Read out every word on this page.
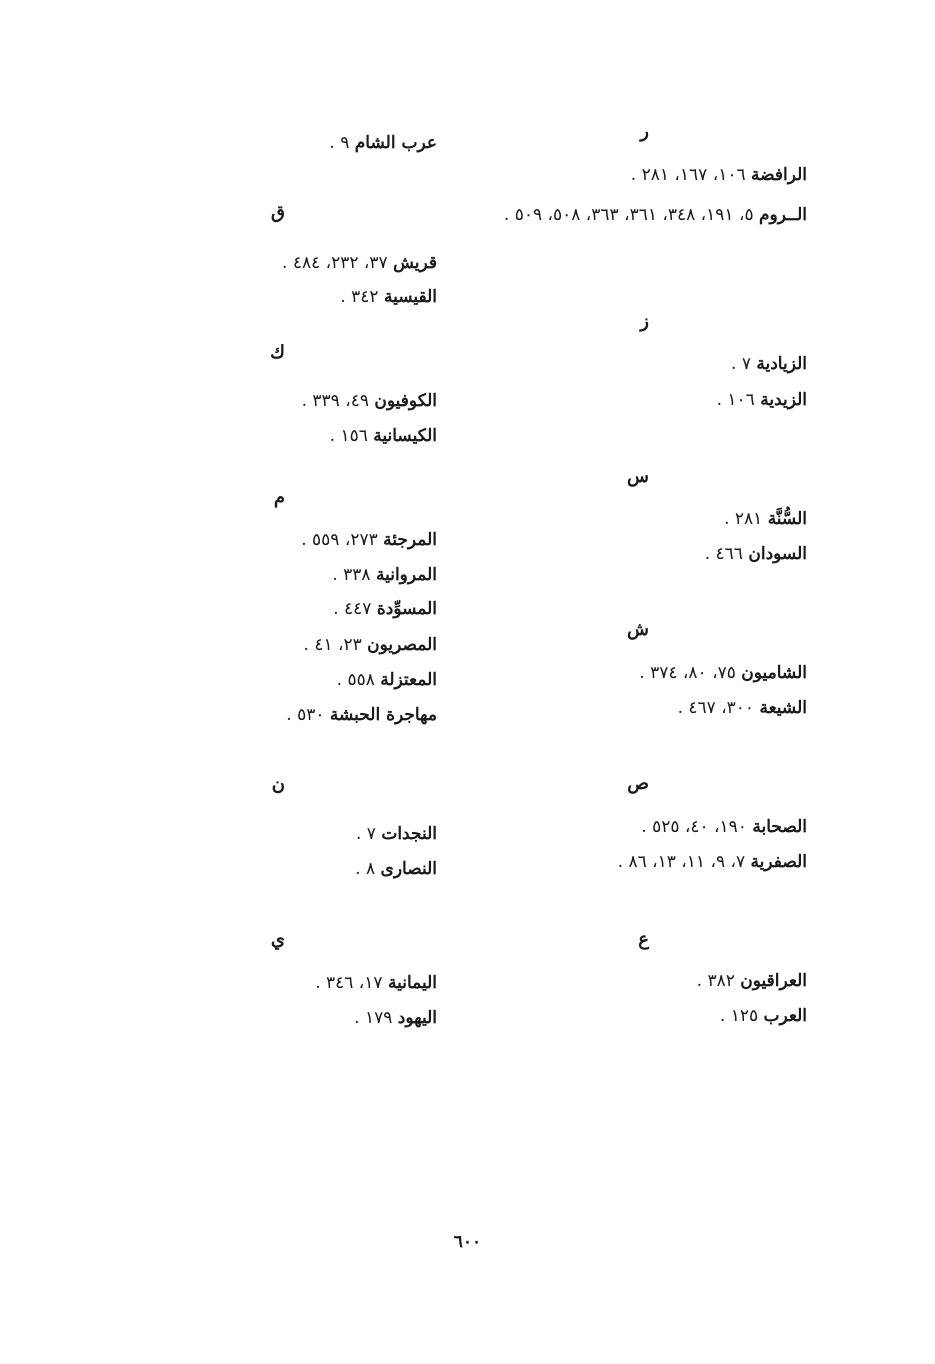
ر
الرافضة ١٠٦، ١٦٧، ٢٨١ .
الــروم ٥، ١٩١، ٣٤٨، ٣٦١، ٣٦٣، ٥٠٨، ٥٠٩ .
ز
الزيادية ٧ .
الزيدية ١٠٦ .
س
السُّنَّة ٢٨١ .
السودان ٤٦٦ .
ش
الشاميون ٧٥، ٨٠، ٣٧٤ .
الشيعة ٣٠٠، ٤٦٧ .
ص
الصحابة ١٩٠، ٤٠، ٥٢٥ .
الصفرية ٧، ٩، ١١، ١٣، ٨٦ .
ع
العراقيون ٣٨٢ .
العرب ١٢٥ .
عرب الشام ٩ .
ق
قريش ٣٧، ٢٣٢، ٤٨٤ .
القيسية ٣٤٢ .
ك
الكوفيون ٤٩، ٣٣٩ .
الكيسانية ١٥٦ .
م
المرجئة ٢٧٣، ٥٥٩ .
المروانية ٣٣٨ .
المسوِّدة ٤٤٧ .
المصريون ٢٣، ٤١ .
المعتزلة ٥٥٨ .
مهاجرة الحبشة ٥٣٠ .
ن
النجدات ٧ .
النصارى ٨ .
ي
اليمانية ١٧، ٣٤٦ .
اليهود ١٧٩ .
٦٠٠
